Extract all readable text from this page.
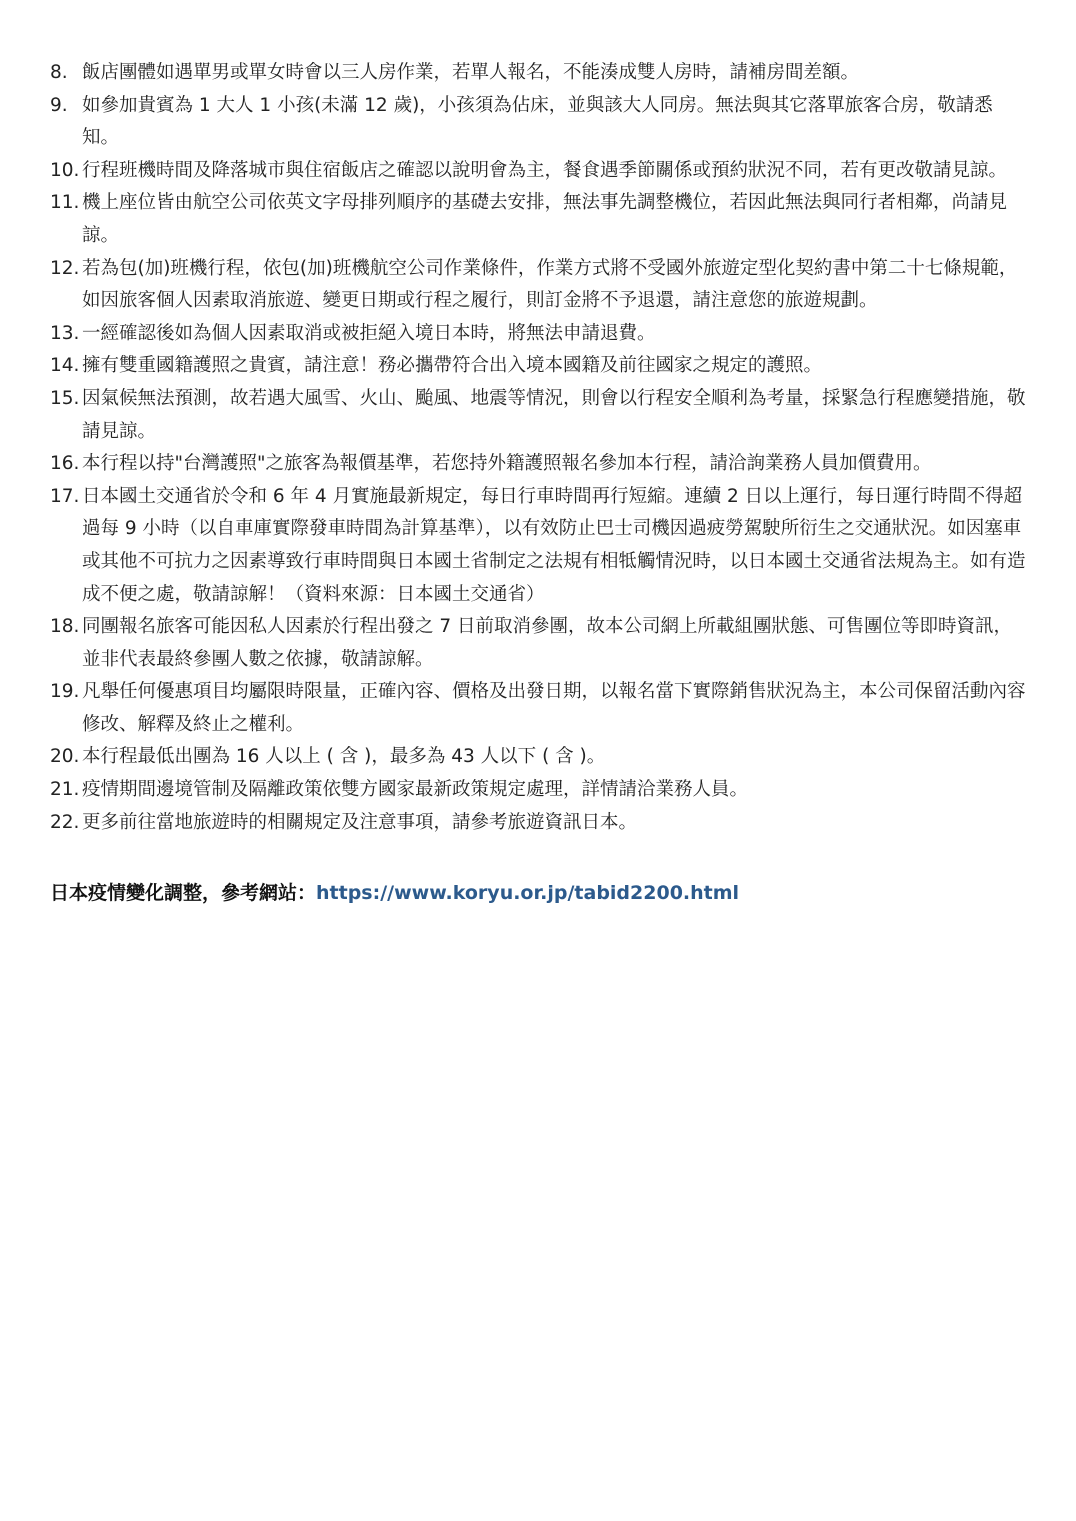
8. 飯店團體如遇單男或單女時會以三人房作業，若單人報名，不能湊成雙人房時，請補房間差額。
9. 如參加貴賓為 1 大人 1 小孩(未滿 12 歲)，小孩須為佔床，並與該大人同房。無法與其它落單旅客合房，敬請悉知。
10. 行程班機時間及降落城市與住宿飯店之確認以說明會為主，餐食遇季節關係或預約狀況不同，若有更改敬請見諒。
11. 機上座位皆由航空公司依英文字母排列順序的基礎去安排，無法事先調整機位，若因此無法與同行者相鄰，尚請見諒。
12. 若為包(加)班機行程，依包(加)班機航空公司作業條件，作業方式將不受國外旅遊定型化契約書中第二十七條規範，如因旅客個人因素取消旅遊、變更日期或行程之履行，則訂金將不予退還，請注意您的旅遊規劃。
13. 一經確認後如為個人因素取消或被拒絕入境日本時，將無法申請退費。
14. 擁有雙重國籍護照之貴賓，請注意！務必攜帶符合出入境本國籍及前往國家之規定的護照。
15. 因氣候無法預測，故若遇大風雪、火山、颱風、地震等情況，則會以行程安全順利為考量，採緊急行程應變措施，敬請見諒。
16. 本行程以持"台灣護照"之旅客為報價基準，若您持外籍護照報名參加本行程，請洽詢業務人員加價費用。
17. 日本國土交通省於令和 6 年 4 月實施最新規定，每日行車時間再行短縮。連續 2 日以上運行，每日運行時間不得超過每 9 小時（以自車庫實際發車時間為計算基準），以有效防止巴士司機因過疲勞駕駛所衍生之交通狀況。如因塞車或其他不可抗力之因素導致行車時間與日本國土省制定之法規有相牴觸情況時，以日本國土交通省法規為主。如有造成不便之處，敬請諒解！（資料來源：日本國土交通省）
18. 同團報名旅客可能因私人因素於行程出發之 7 日前取消參團，故本公司網上所載組團狀態、可售團位等即時資訊，並非代表最終參團人數之依據，敬請諒解。
19. 凡舉任何優惠項目均屬限時限量，正確內容、價格及出發日期，以報名當下實際銷售狀況為主，本公司保留活動內容修改、解釋及終止之權利。
20. 本行程最低出團為 16 人以上 ( 含 )，最多為 43 人以下 ( 含 )。
21. 疫情期間邊境管制及隔離政策依雙方國家最新政策規定處理，詳情請洽業務人員。
22. 更多前往當地旅遊時的相關規定及注意事項，請參考旅遊資訊日本。
日本疫情變化調整，參考網站：https://www.koryu.or.jp/tabid2200.html
